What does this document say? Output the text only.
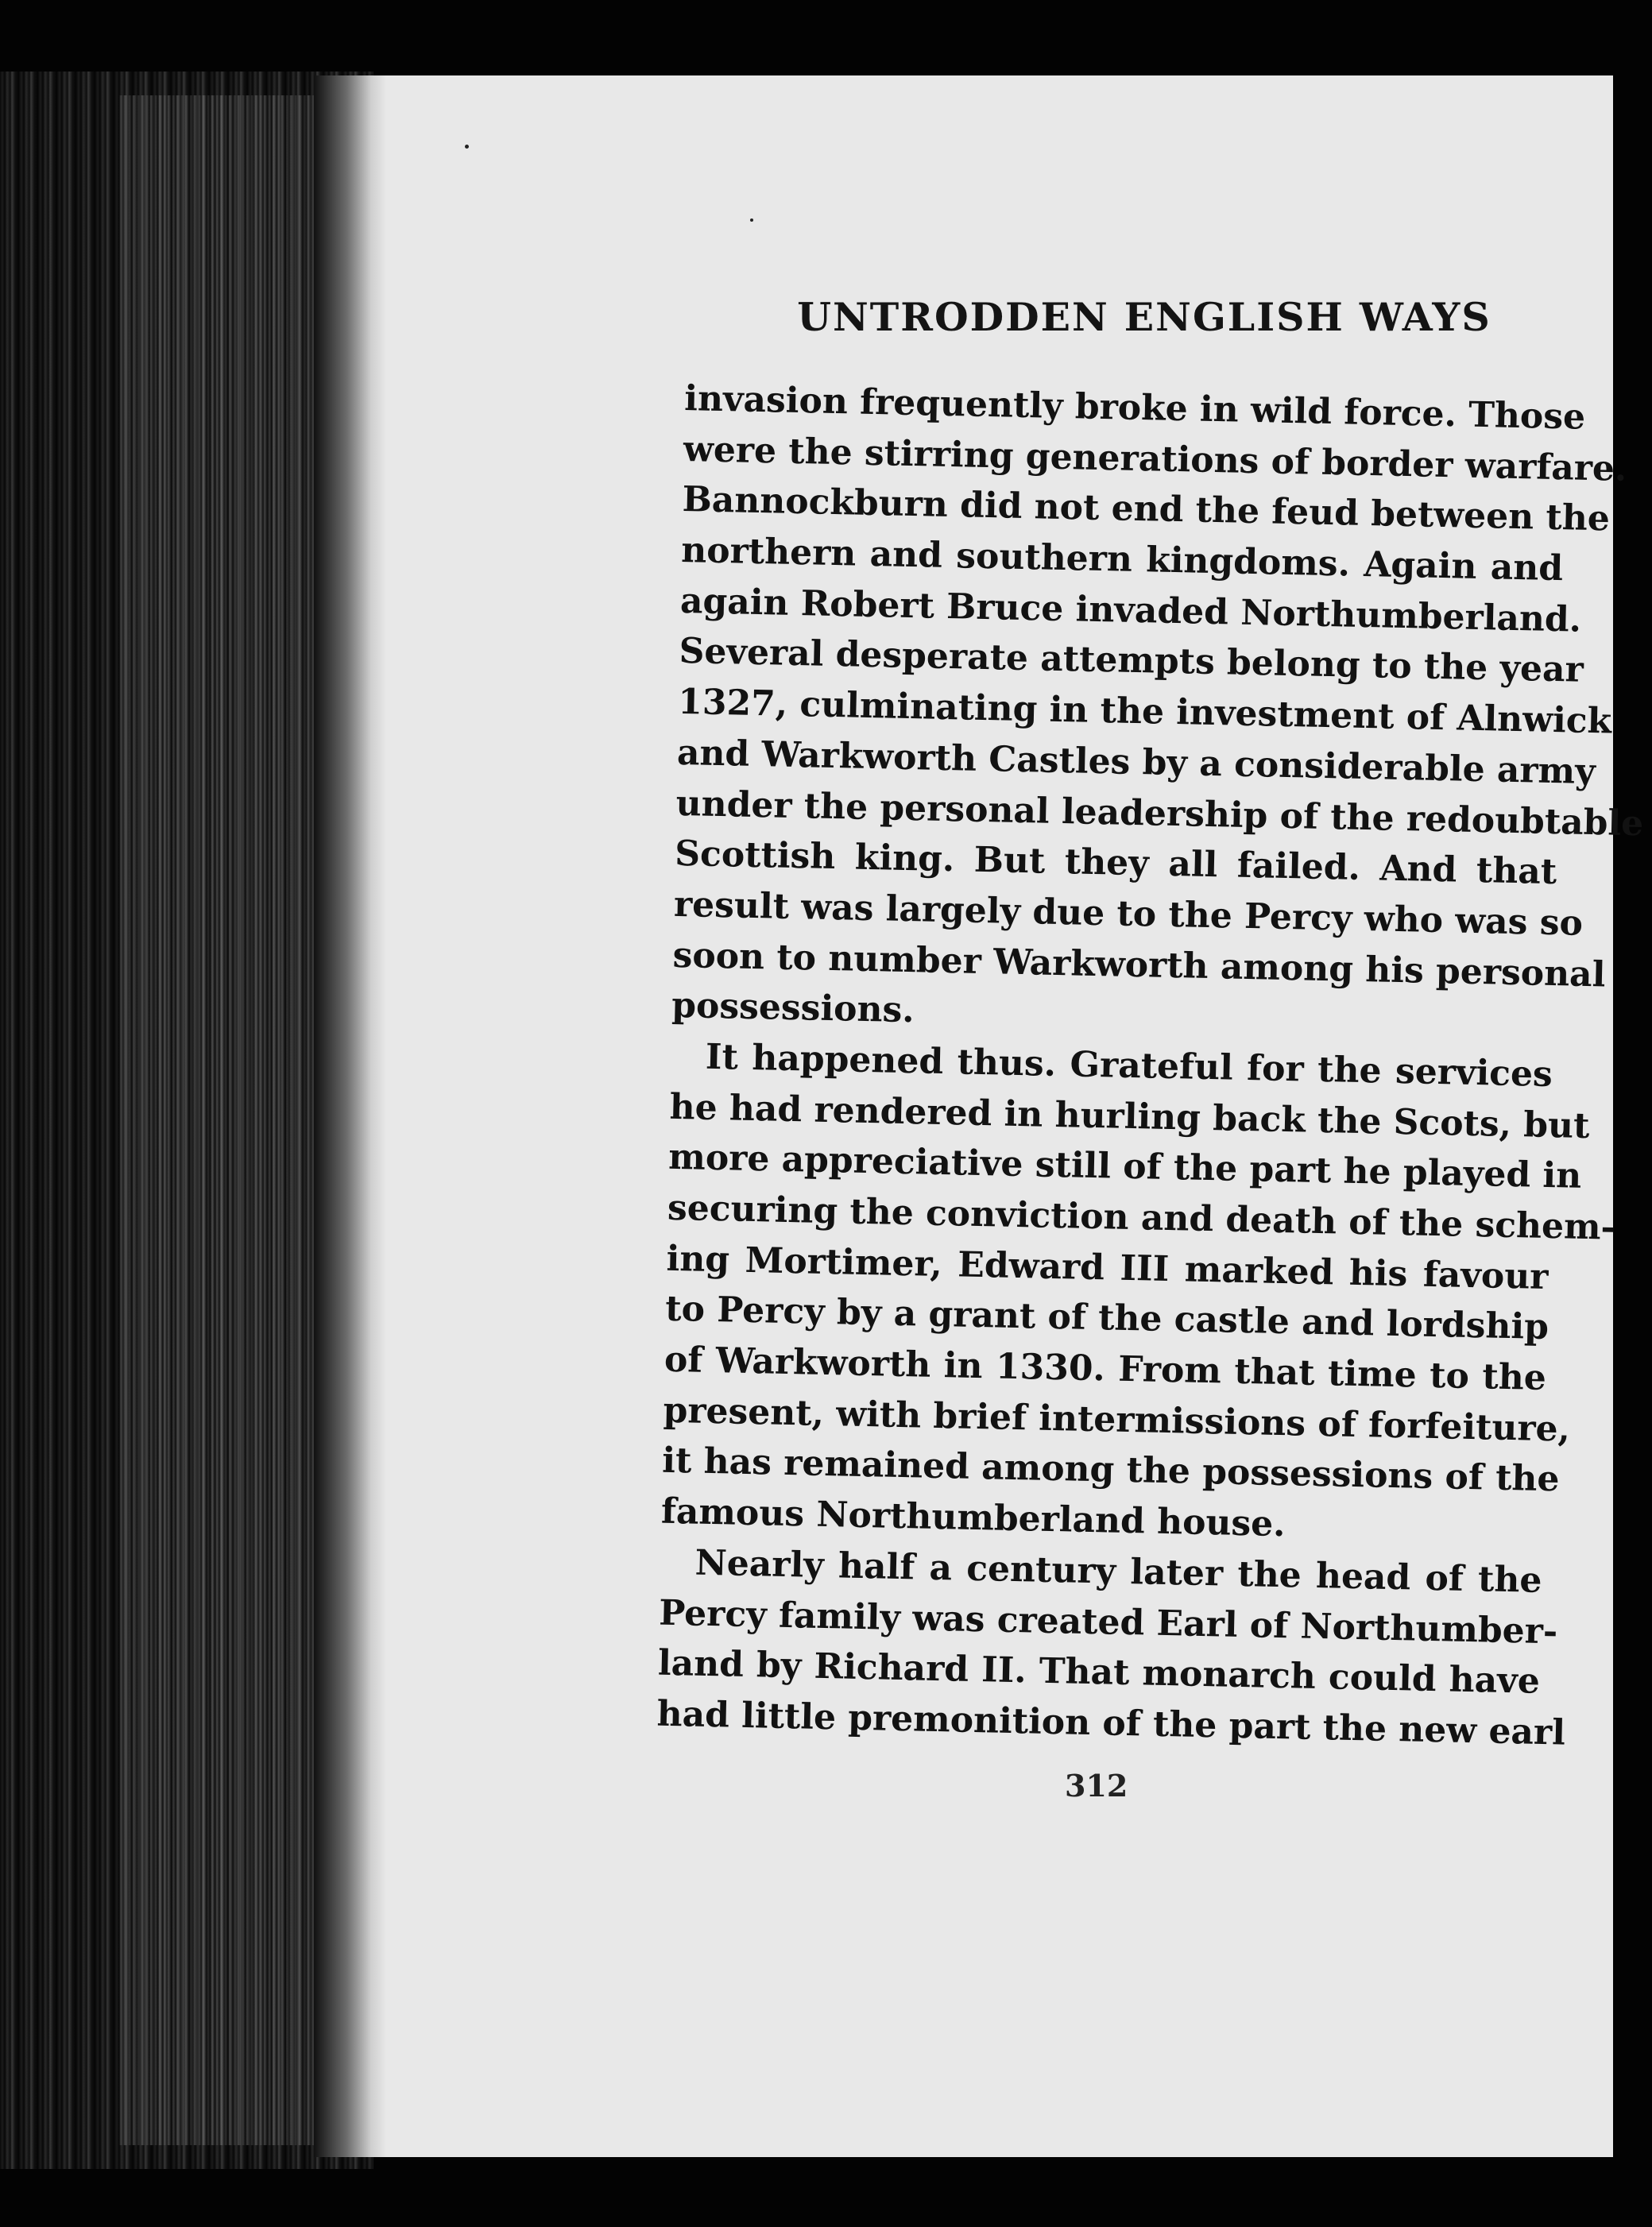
UNTRODDEN ENGLISH WAYS
invasion frequently broke in wild force. Those
were the stirring generations of border warfare.
Bannockburn did not end the feud between the
northern and southern kingdoms. Again and
again Robert Bruce invaded Northumberland.
Several desperate attempts belong to the year
1327, culminating in the investment of Alnwick
and Warkworth Castles by a considerable army
under the personal leadership of the redoubtable
Scottish king. But they all failed. And that
result was largely due to the Percy who was so
soon to number Warkworth among his personal
possessions.
It happened thus. Grateful for the services
he had rendered in hurling back the Scots, but
more appreciative still of the part he played in
securing the conviction and death of the schem-
ing Mortimer, Edward III marked his favour
to Percy by a grant of the castle and lordship
of Warkworth in 1330. From that time to the
present, with brief intermissions of forfeiture,
it has remained among the possessions of the
famous Northumberland house.
Nearly half a century later the head of the
Percy family was created Earl of Northumber-
land by Richard II. That monarch could have
had little premonition of the part the new earl
312
